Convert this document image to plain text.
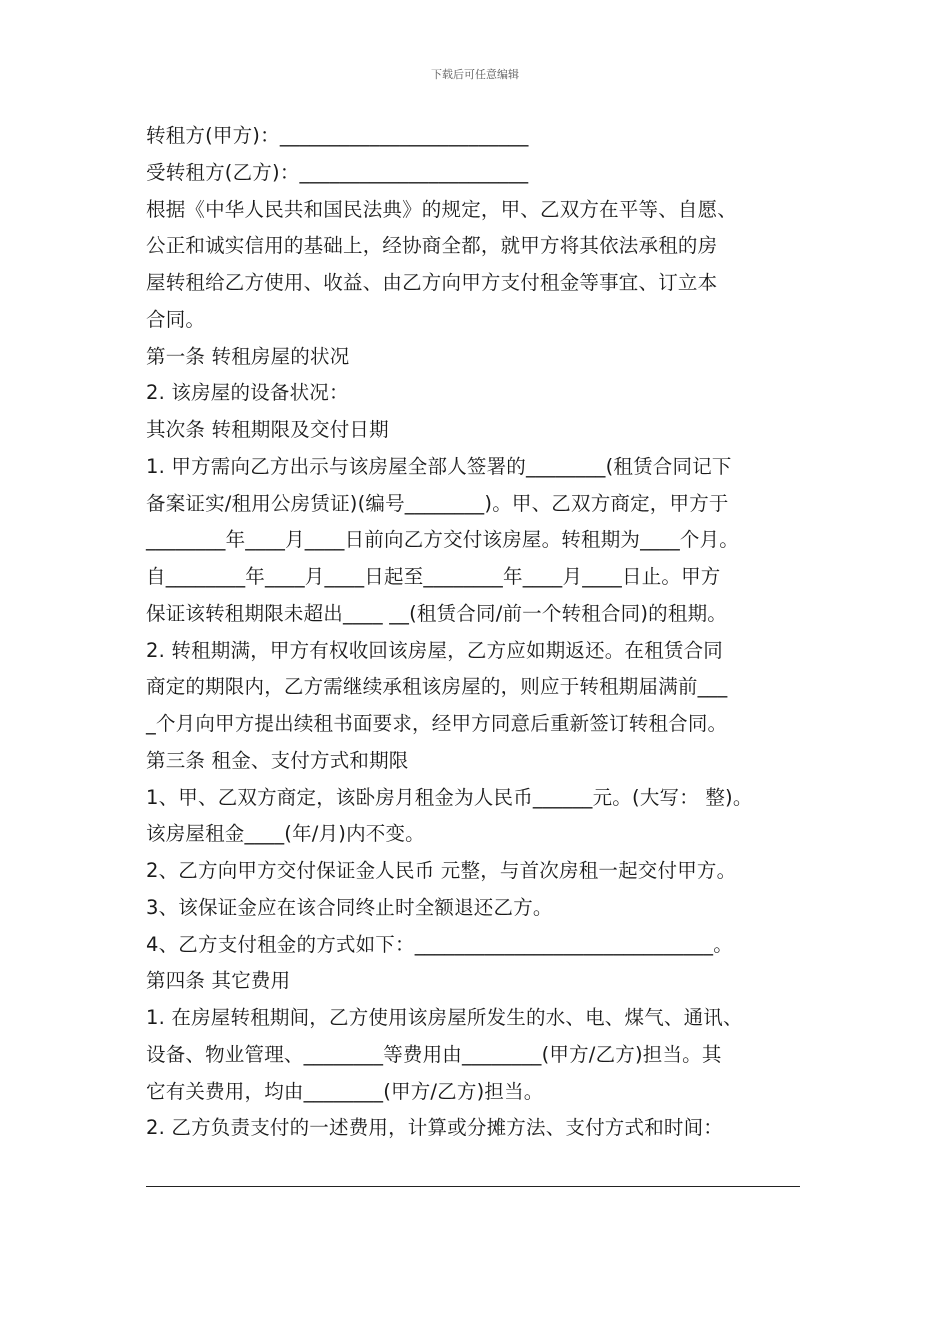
下载后可任意编辑
转租方(甲方)：_________________________
受转租方(乙方)：_______________________
根据《中华人民共和国民法典》的规定，甲、乙双方在平等、自愿、
公正和诚实信用的基础上，经协商全都，就甲方将其依法承租的房
屋转租给乙方使用、收益、由乙方向甲方支付租金等事宜、订立本
合同。
第一条 转租房屋的状况
2. 该房屋的设备状况：
其次条 转租期限及交付日期
1. 甲方需向乙方出示与该房屋全部人签署的________(租赁合同记下
备案证实/租用公房赁证)(编号________)。甲、乙双方商定，甲方于
________年____月____日前向乙方交付该房屋。转租期为____个月。
自________年____月____日起至________年____月____日止。甲方
保证该转租期限未超出____ __(租赁合同/前一个转租合同)的租期。
2. 转租期满，甲方有权收回该房屋，乙方应如期返还。在租赁合同
商定的期限内，乙方需继续承租该房屋的，则应于转租期届满前___
_个月向甲方提出续租书面要求，经甲方同意后重新签订转租合同。
第三条 租金、支付方式和期限
1、甲、乙双方商定，该卧房月租金为人民币______元。(大写： 整)。
该房屋租金____(年/月)内不变。
2、乙方向甲方交付保证金人民币 元整，与首次房租一起交付甲方。
3、该保证金应在该合同终止时全额退还乙方。
4、乙方支付租金的方式如下：______________________________。
第四条 其它费用
1. 在房屋转租期间，乙方使用该房屋所发生的水、电、煤气、通讯、
设备、物业管理、________等费用由________(甲方/乙方)担当。其
它有关费用，均由________(甲方/乙方)担当。
2. 乙方负责支付的一述费用，计算或分摊方法、支付方式和时间：
